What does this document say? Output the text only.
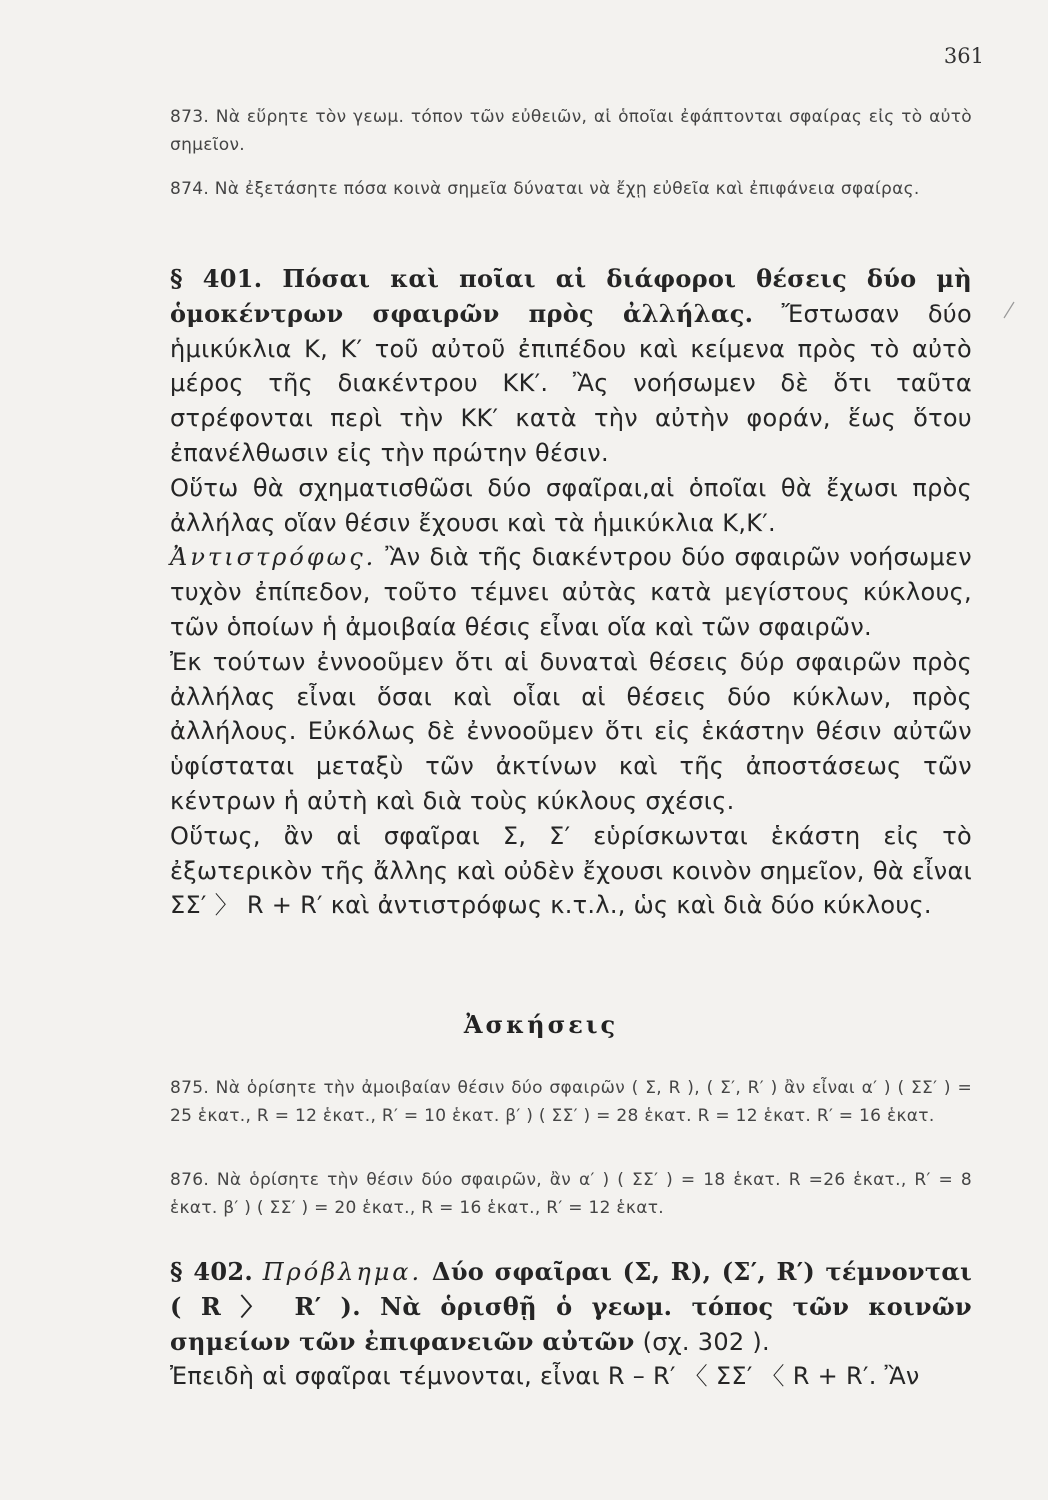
361
873. Νὰ εὕρητε τὸν γεωμ. τόπον τῶν εὐθειῶν, αἱ ὁποῖαι ἐφάπτονται σφαίρας εἰς τὸ αὐτὸ σημεῖον.
874. Νὰ ἐξετάσητε πόσα κοινὰ σημεῖα δύναται νὰ ἔχῃ εὐθεῖα καὶ ἐπιφάνεια σφαίρας.
§ 401. Πόσαι καὶ ποῖαι αἱ διάφοροι θέσεις δύο μὴ ὁμοκέντρων σφαιρῶν πρὸς ἀλλήλας. Ἔστωσαν δύο ἡμικύκλια Κ, Κ′ τοῦ αὐτοῦ ἐπιπέδου καὶ κείμενα πρὸς τὸ αὐτὸ μέρος τῆς διακέντρου ΚΚ′. Ἂς νοήσωμεν δὲ ὅτι ταῦτα στρέφονται περὶ τὴν ΚΚ′ κατὰ τὴν αὐτὴν φοράν, ἕως ὅτου ἐπανέλθωσιν εἰς τὴν πρώτην θέσιν.
Οὕτω θὰ σχηματισθῶσι δύο σφαῖραι,αἱ ὁποῖαι θὰ ἔχωσι πρὸς ἀλλήλας οἵαν θέσιν ἔχουσι καὶ τὰ ἡμικύκλια Κ,Κ′.
Ἀντιστρόφως. Ἂν διὰ τῆς διακέντρου δύο σφαιρῶν νοήσωμεν τυχὸν ἐπίπεδον, τοῦτο τέμνει αὐτὰς κατὰ μεγίστους κύκλους, τῶν ὁποίων ἡ ἀμοιβαία θέσις εἶναι οἵα καὶ τῶν σφαιρῶν.
Ἐκ τούτων ἐννοοῦμεν ὅτι αἱ δυναταὶ θέσεις δύρ σφαιρῶν πρὸς ἀλλήλας εἶναι ὅσαι καὶ οἷαι αἱ θέσεις δύο κύκλων, πρὸς ἀλλήλους. Εὐκόλως δὲ ἐννοοῦμεν ὅτι εἰς ἑκάστην θέσιν αὐτῶν ὑφίσταται μεταξὺ τῶν ἀκτίνων καὶ τῆς ἀποστάσεως τῶν κέντρων ἡ αὐτὴ καὶ διὰ τοὺς κύκλους σχέσις.
Οὕτως, ἂν αἱ σφαῖραι Σ, Σ′ εὑρίσκωνται ἑκάστη εἰς τὸ ἐξωτερικὸν τῆς ἄλλης καὶ οὐδὲν ἔχουσι κοινὸν σημεῖον, θὰ εἶναι ΣΣ′ 〉 R + R′ καὶ ἀντιστρόφως κ.τ.λ., ὡς καὶ διὰ δύο κύκλους.
Ἀσκήσεις
875. Νὰ ὁρίσητε τὴν ἀμοιβαίαν θέσιν δύο σφαιρῶν ( Σ, R ), ( Σ′, R′ ) ἂν εἶναι α′ ) ( ΣΣ′ ) = 25 ἑκατ., R = 12 ἑκατ., R′ = 10 ἑκατ. β′ ) ( ΣΣ′ ) = 28 ἑκατ. R = 12 ἑκατ. R′ = 16 ἑκατ.
876. Νὰ ὁρίσητε τὴν θέσιν δύο σφαιρῶν, ἂν α′ ) ( ΣΣ′ ) = 18 ἑκατ. R =26 ἑκατ., R′ = 8 ἑκατ. β′ ) ( ΣΣ′ ) = 20 ἑκατ., R = 16 ἑκατ., R′ = 12 ἑκατ.
§ 402. Πρόβλημα. Δύο σφαῖραι (Σ, R), (Σ′, R′) τέμνονται ( R 〉 R′ ). Νὰ ὁρισθῇ ὁ γεωμ. τόπος τῶν κοινῶν σημείων τῶν ἐπιφανειῶν αὐτῶν (σχ. 302 ).
Ἐπειδὴ αἱ σφαῖραι τέμνονται, εἶναι R – R′ 〈 ΣΣ′ 〈 R + R′. Ἂν
